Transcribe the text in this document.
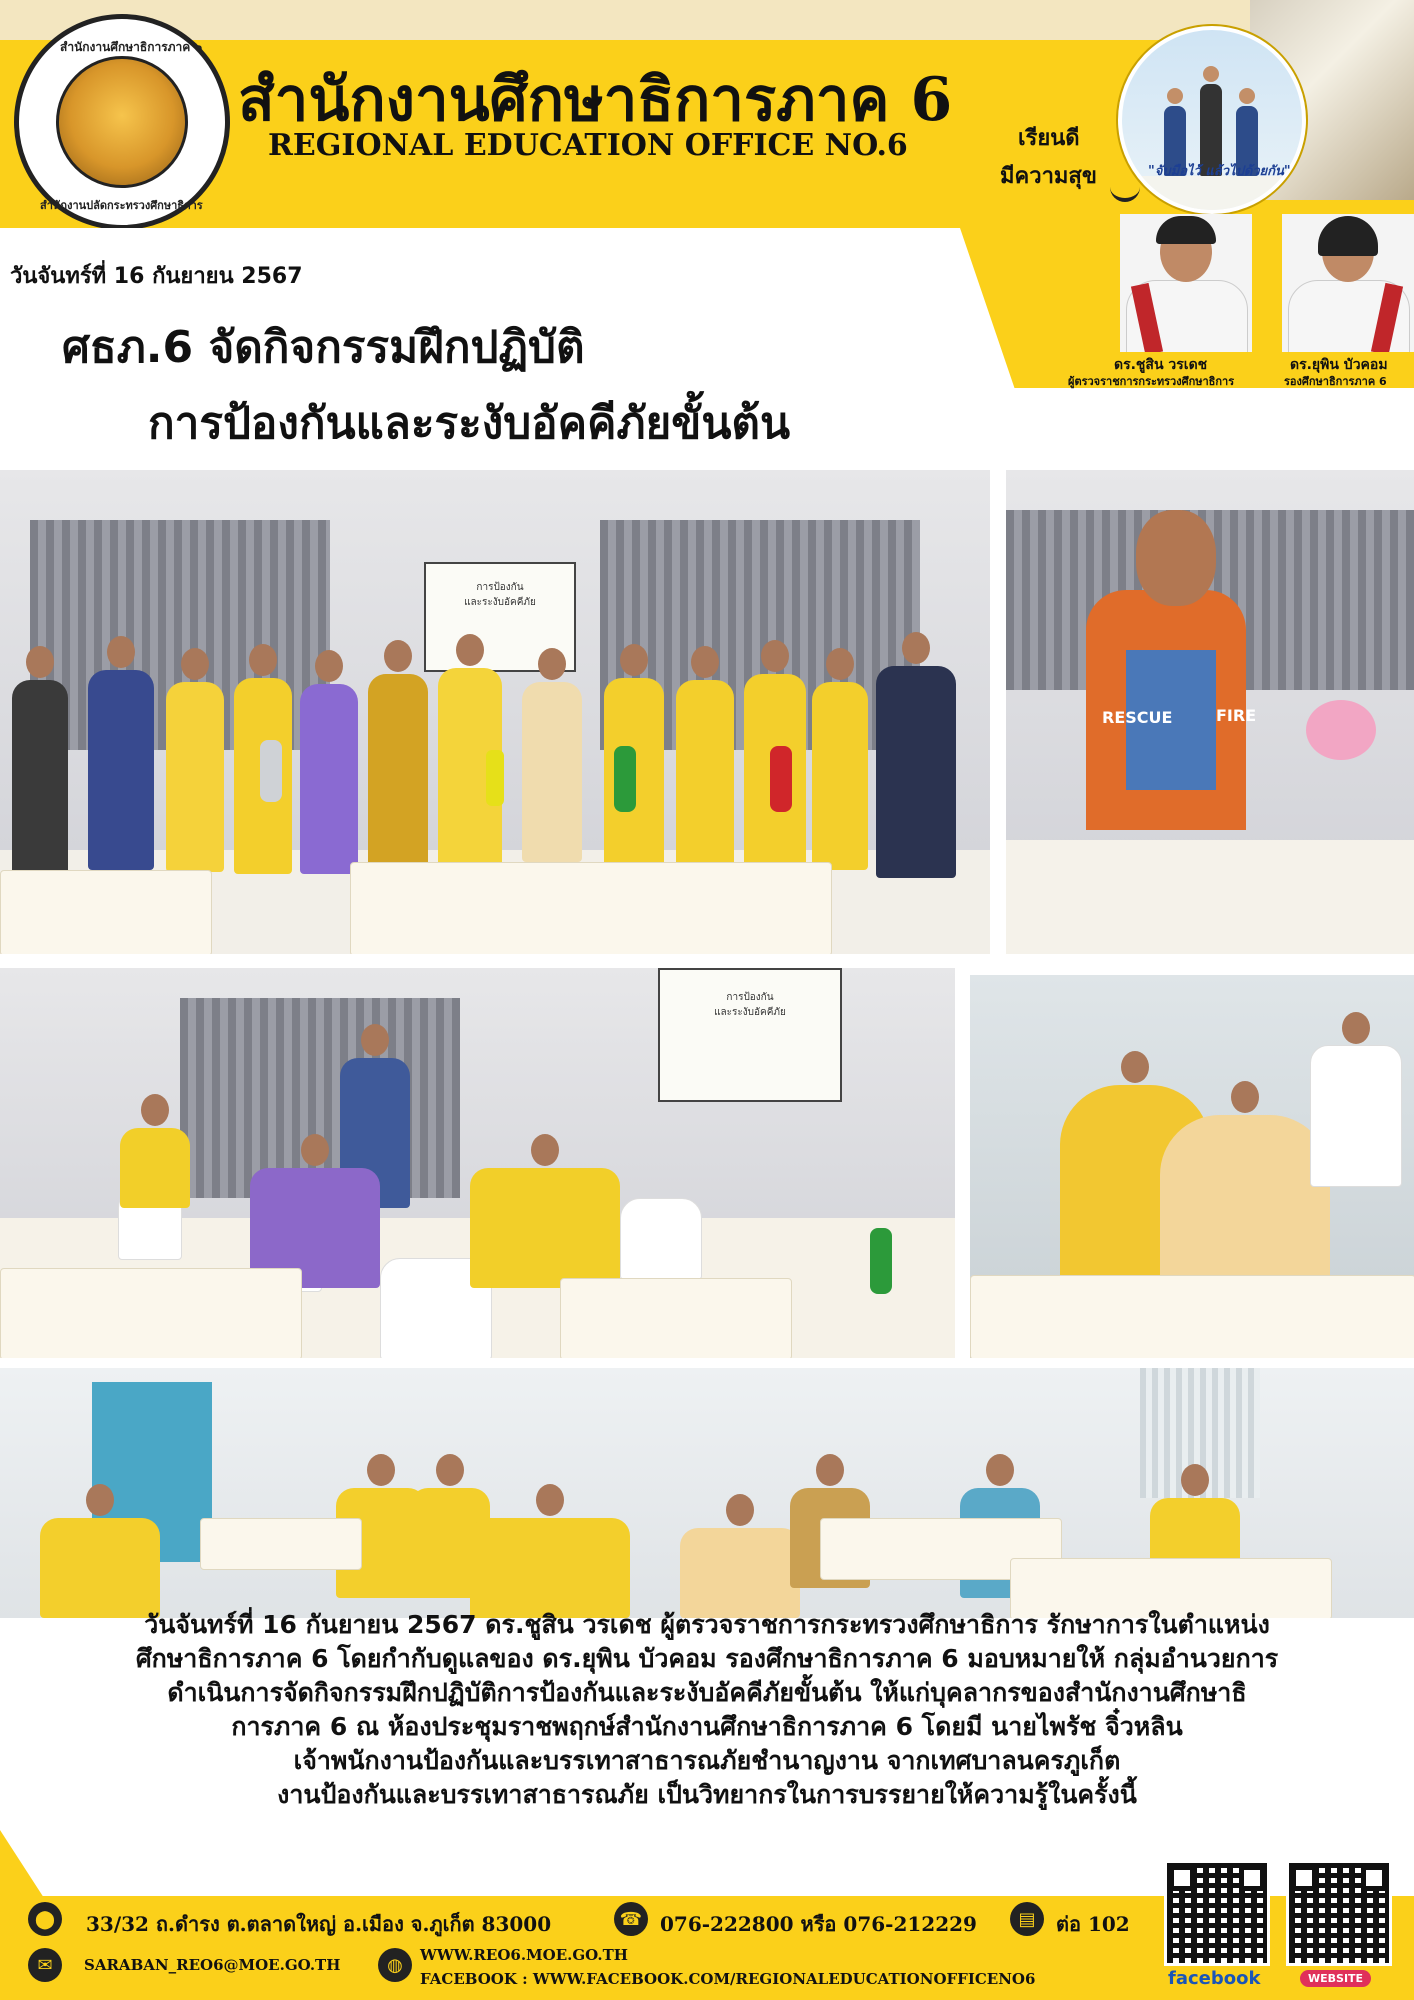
สำนักงานศึกษาธิการภาค ๖
สำนักงานปลัดกระทรวงศึกษาธิการ
สำนักงานศึกษาธิการภาค 6
REGIONAL EDUCATION OFFICE NO.6
"จับมือไว้ แล้วไปด้วยกัน"
เรียนดี
มีความสุข
วันจันทร์ที่ 16 กันยายน 2567
ศธภ.6 จัดกิจกรรมฝึกปฏิบัติ
การป้องกันและระงับอัคคีภัยขั้นต้น
ดร.ชูสิน วรเดช
ผู้ตรวจราชการกระทรวงศึกษาธิการ
ดร.ยุพิน บัวคอม
รองศึกษาธิการภาค 6
การป้องกัน
และระงับอัคคีภัย
RESCUE	FIRE
การป้องกัน
และระงับอัคคีภัย
วันจันทร์ที่ 16 กันยายน 2567 ดร.ชูสิน วรเดช ผู้ตรวจราชการกระทรวงศึกษาธิการ รักษาการในตำแหน่ง
ศึกษาธิการภาค 6 โดยกำกับดูแลของ ดร.ยุพิน บัวคอม รองศึกษาธิการภาค 6 มอบหมายให้ กลุ่มอำนวยการ
ดำเนินการจัดกิจกรรมฝึกปฏิบัติการป้องกันและระงับอัคคีภัยขั้นต้น ให้แก่บุคลากรของสำนักงานศึกษาธิ
การภาค 6 ณ ห้องประชุมราชพฤกษ์สำนักงานศึกษาธิการภาค 6 โดยมี นายไพรัช จิ๋วหลิน
เจ้าพนักงานป้องกันและบรรเทาสาธารณภัยชำนาญงาน จากเทศบาลนครภูเก็ต
งานป้องกันและบรรเทาสาธารณภัย เป็นวิทยากรในการบรรยายให้ความรู้ในครั้งนี้
⬤	33/32 ถ.ดำรง ต.ตลาดใหญ่ อ.เมือง จ.ภูเก็ต 83000	☎ 076-222800 หรือ 076-212229	▤	ต่อ 102
✉	SARABAN_REO6@MOE.GO.TH	◍	WWW.REO6.MOE.GO.TH
FACEBOOK : WWW.FACEBOOK.COM/REGIONALEDUCATIONOFFICENO6	facebook	WEBSITE
